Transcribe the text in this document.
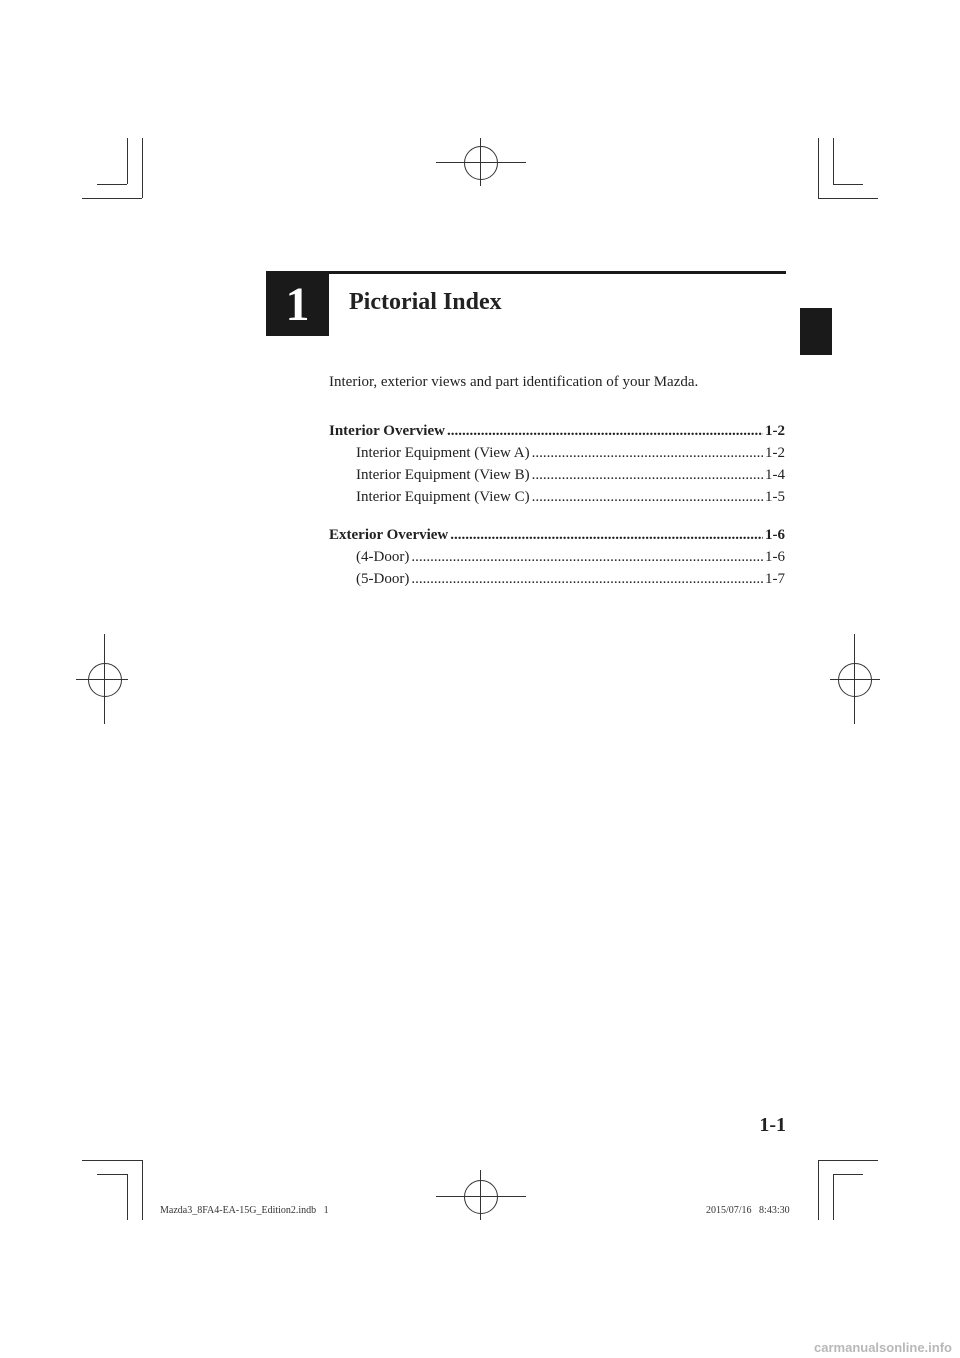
1	Pictorial Index
Interior, exterior views and part identification of your Mazda.
Interior Overview .....	1-2
Interior Equipment (View A) .....	1-2
Interior Equipment (View B) .....	1-4
Interior Equipment (View C) .....	1-5
Exterior Overview .....	1-6
(4-Door) .....	1-6
(5-Door) .....	1-7
1-1
Mazda3_8FA4-EA-15G_Edition2.indb   1	2015/07/16   8:43:30
carmanualsonline.info
